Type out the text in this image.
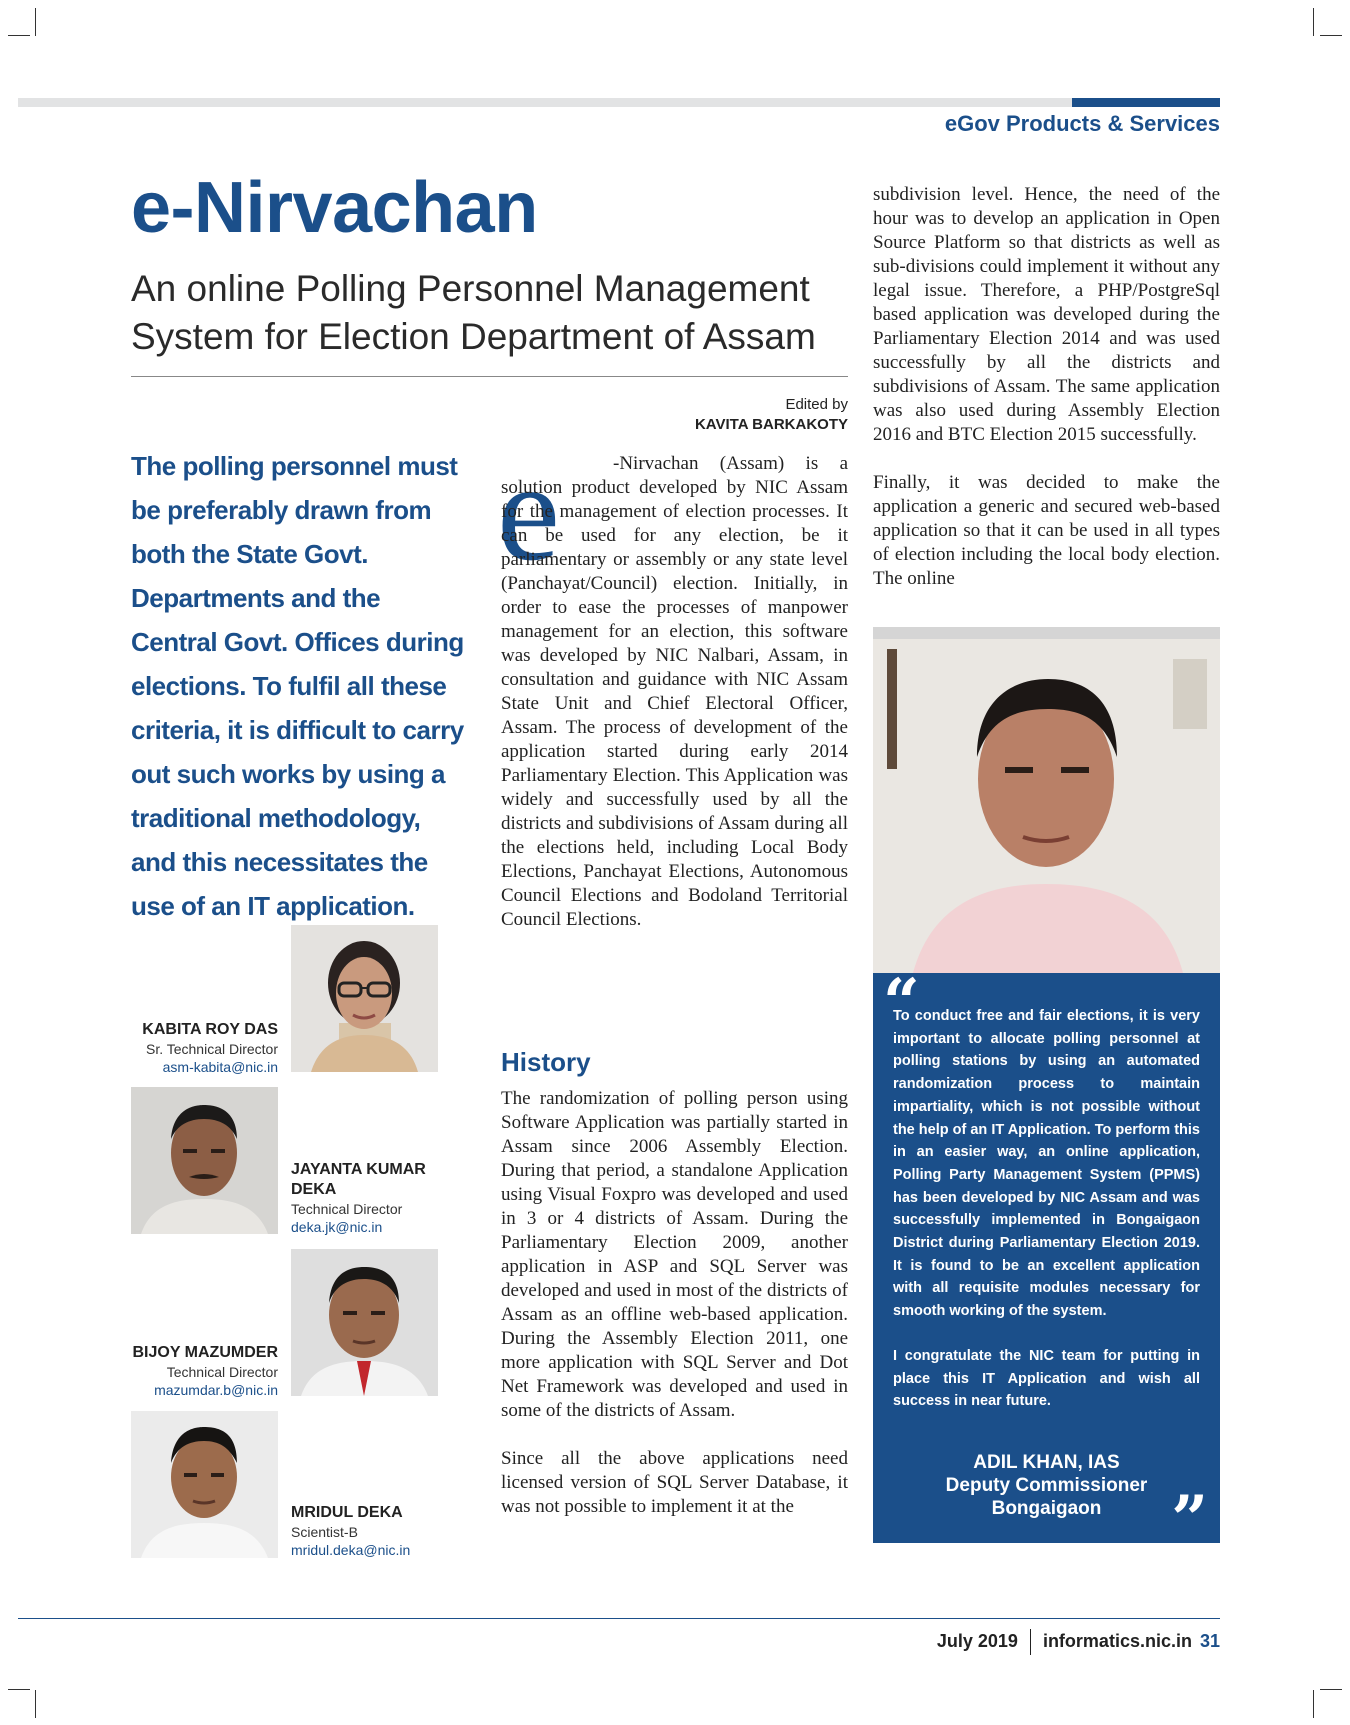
eGov Products & Services
e-Nirvachan
An online Polling Personnel Management System for Election Department of Assam
Edited by
KAVITA BARKAKOTY

The polling personnel must be preferably drawn from both the State Govt. Departments and the Central Govt. Offices during elections. To fulfil all these criteria, it is difficult to carry out such works by using a traditional methodology, and this necessitates the use of an IT application.

KABITA ROY DAS
Sr. Technical Director
asm-kabita@nic.in
JAYANTA KUMAR DEKA
Technical Director
deka.jk@nic.in
BIJOY MAZUMDER
Technical Director
mazumdar.b@nic.in
MRIDUL DEKA
Scientist-B
mridul.deka@nic.in
e	-Nirvachan (Assam) is a solution product developed by NIC Assam for the management of election processes. It can be used for any election, be it parliamentary or assembly or any state level (Panchayat/Council) election. Initially, in order to ease the processes of manpower management for an election, this software was developed by NIC Nalbari, Assam, in consultation and guidance with NIC Assam State Unit and Chief Electoral Officer, Assam. The process of development of the application started during early 2014 Parliamentary Election. This Application was widely and successfully used by all the districts and subdivisions of Assam during all the elections held, including Local Body Elections, Panchayat Elections, Autonomous Council Elections and Bodoland Territorial Council Elections.

History

The randomization of polling person using Software Application was partially started in Assam since 2006 Assembly Election. During that period, a standalone Application using Visual Foxpro was developed and used in 3 or 4 districts of Assam. During the Parliamentary Election 2009, another application in ASP and SQL Server was developed and used in most of the districts of Assam as an offline web-based application. During the Assembly Election 2011, one more application with SQL Server and Dot Net Framework was developed and used in some of the districts of Assam.

Since all the above applications need licensed version of SQL Server Database, it was not possible to implement it at the

subdivision level. Hence, the need of the hour was to develop an application in Open Source Platform so that districts as well as sub-divisions could implement it without any legal issue. Therefore, a PHP/PostgreSql based application was developed during the Parliamentary Election 2014 and was used successfully by all the districts and subdivisions of Assam. The same application was also used during Assembly Election 2016 and BTC Election 2015 successfully.

Finally, it was decided to make the application a generic and secured web-based application so that it can be used in all types of election including the local body election. The online

“

To conduct free and fair elections, it is very important to allocate polling personnel at polling stations by using an automated randomization process to maintain impartiality, which is not possible without the help of an IT Application. To perform this in an easier way, an online application, Polling Party Management System (PPMS) has been developed by NIC Assam and was successfully implemented in Bongaigaon District during Parliamentary Election 2019. It is found to be an excellent application with all requisite modules necessary for smooth working of the system.

I congratulate the NIC team for putting in place this IT Application and wish all success in near future.

ADIL KHAN, IAS
Deputy Commissioner
Bongaigaon	”
July 2019 informatics.nic.in 31
